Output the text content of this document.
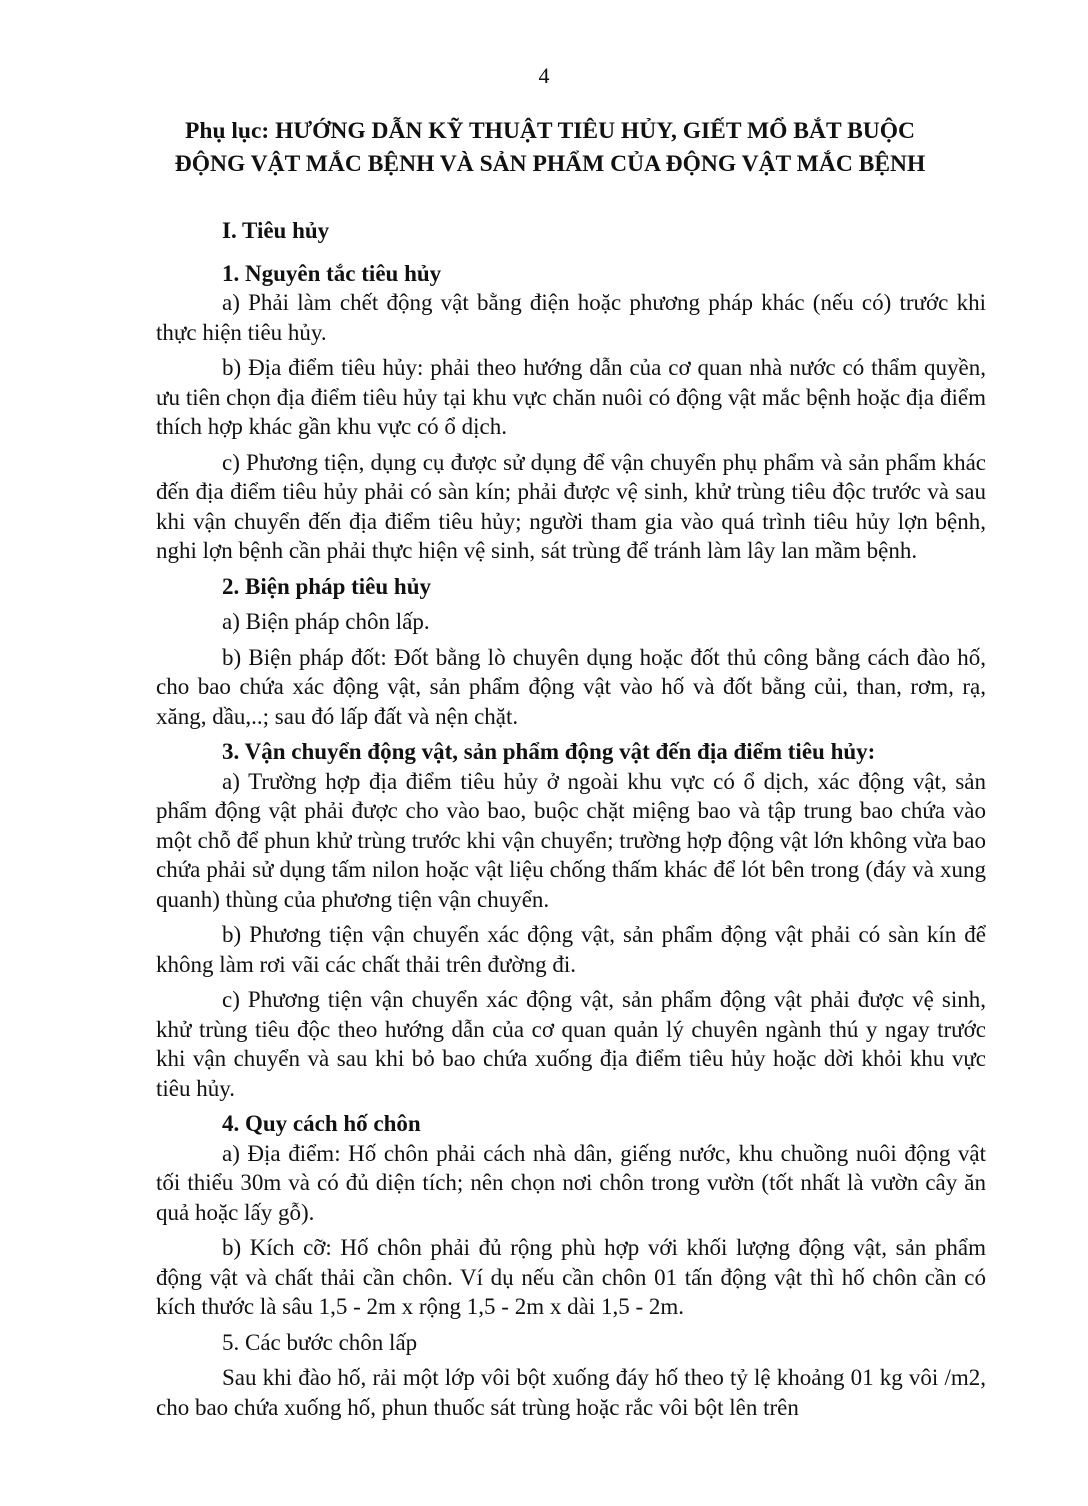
4
Phụ lục: HƯỚNG DẪN KỸ THUẬT TIÊU HỦY, GIẾT MỔ BẮT BUỘC
ĐỘNG VẬT MẮC BỆNH VÀ SẢN PHẨM CỦA ĐỘNG VẬT MẮC BỆNH

I. Tiêu hủy

1. Nguyên tắc tiêu hủy

a) Phải làm chết động vật bằng điện hoặc phương pháp khác (nếu có) trước khi thực hiện tiêu hủy.

b) Địa điểm tiêu hủy: phải theo hướng dẫn của cơ quan nhà nước có thẩm quyền, ưu tiên chọn địa điểm tiêu hủy tại khu vực chăn nuôi có động vật mắc bệnh hoặc địa điểm thích hợp khác gần khu vực có ổ dịch.

c) Phương tiện, dụng cụ được sử dụng để vận chuyển phụ phẩm và sản phẩm khác đến địa điểm tiêu hủy phải có sàn kín; phải được vệ sinh, khử trùng tiêu độc trước và sau khi vận chuyển đến địa điểm tiêu hủy; người tham gia vào quá trình tiêu hủy lợn bệnh, nghi lợn bệnh cần phải thực hiện vệ sinh, sát trùng để tránh làm lây lan mầm bệnh.

2. Biện pháp tiêu hủy

a) Biện pháp chôn lấp.

b) Biện pháp đốt: Đốt bằng lò chuyên dụng hoặc đốt thủ công bằng cách đào hố, cho bao chứa xác động vật, sản phẩm động vật vào hố và đốt bằng củi, than, rơm, rạ, xăng, dầu,..; sau đó lấp đất và nện chặt.

3. Vận chuyển động vật, sản phẩm động vật đến địa điểm tiêu hủy:

a) Trường hợp địa điểm tiêu hủy ở ngoài khu vực có ổ dịch, xác động vật, sản phẩm động vật phải được cho vào bao, buộc chặt miệng bao và tập trung bao chứa vào một chỗ để phun khử trùng trước khi vận chuyển; trường hợp động vật lớn không vừa bao chứa phải sử dụng tấm nilon hoặc vật liệu chống thấm khác để lót bên trong (đáy và xung quanh) thùng của phương tiện vận chuyển.

b) Phương tiện vận chuyển xác động vật, sản phẩm động vật phải có sàn kín để không làm rơi vãi các chất thải trên đường đi.

c) Phương tiện vận chuyển xác động vật, sản phẩm động vật phải được vệ sinh, khử trùng tiêu độc theo hướng dẫn của cơ quan quản lý chuyên ngành thú y ngay trước khi vận chuyển và sau khi bỏ bao chứa xuống địa điểm tiêu hủy hoặc dời khỏi khu vực tiêu hủy.

4. Quy cách hố chôn

a) Địa điểm: Hố chôn phải cách nhà dân, giếng nước, khu chuồng nuôi động vật tối thiểu 30m và có đủ diện tích; nên chọn nơi chôn trong vườn (tốt nhất là vườn cây ăn quả hoặc lấy gỗ).

b) Kích cỡ: Hố chôn phải đủ rộng phù hợp với khối lượng động vật, sản phẩm động vật và chất thải cần chôn. Ví dụ nếu cần chôn 01 tấn động vật thì hố chôn cần có kích thước là sâu 1,5 - 2m x rộng 1,5 - 2m x dài 1,5 - 2m.

5. Các bước chôn lấp

Sau khi đào hố, rải một lớp vôi bột xuống đáy hố theo tỷ lệ khoảng 01 kg vôi /m2, cho bao chứa xuống hố, phun thuốc sát trùng hoặc rắc vôi bột lên trên
